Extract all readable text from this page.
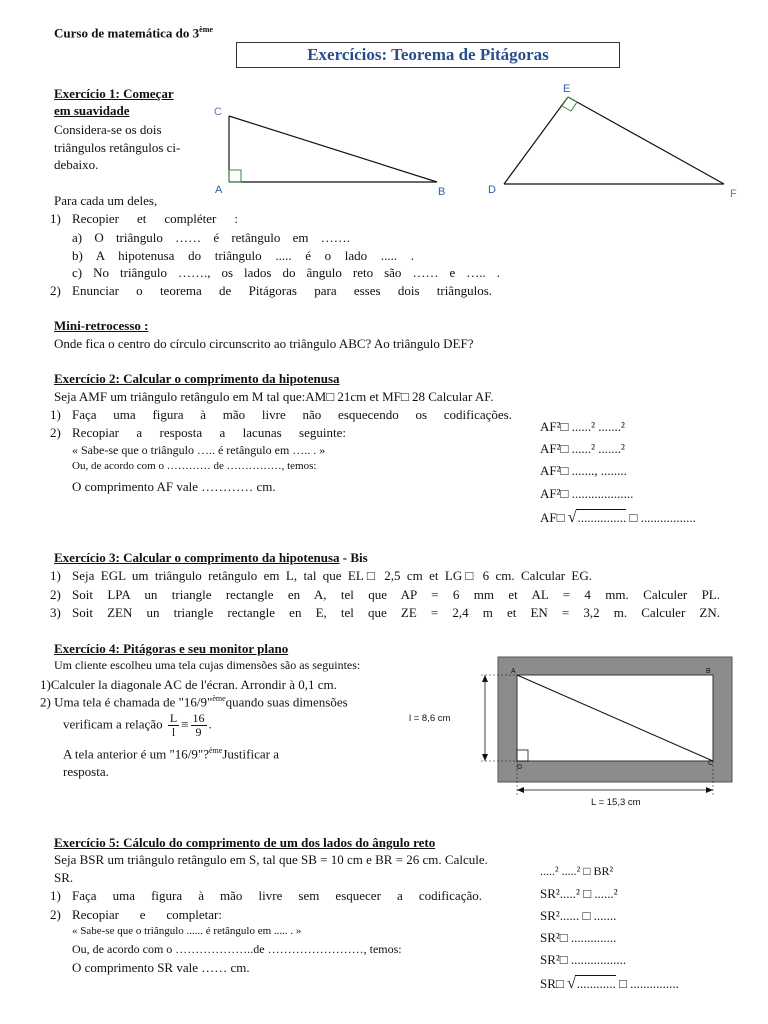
Curso de matemática do 3ème
Exercícios: Teorema de Pitágoras
Exercício 1: Começar
em suavidade
Considera-se os dois
triângulos retângulos ci-
debaixo.
C
A	B
E
D	F
Para cada um deles,
1) Recopier et compléter :
a) O triângulo …… é retângulo em …….
b) A hipotenusa do triângulo ..... é o lado ..... .
c) No triângulo ……., os lados do ângulo reto são …… e ….. .
2) Enunciar o teorema de Pitágoras para esses dois triângulos.
Mini-retrocesso :
Onde fica o centro do círculo circunscrito ao triângulo ABC? Ao triângulo DEF?
Exercício 2: Calcular o comprimento da hipotenusa
Seja AMF um triângulo retângulo em M tal que:AM□ 21cm et MF□ 28 Calcular AF.
1) Faça uma figura à mão livre não esquecendo os codificações.
2) Recopiar a resposta a lacunas seguinte:
« Sabe-se que o triângulo ….. é retângulo em ….. . »
Ou, de acordo com o ………… de ……………, temos:
O comprimento AF vale ………… cm.
AF²□ ......² .......²
AF²□ ......² .......²
AF²□ ......., ........
AF²□ ...................
AF□ √............... □ .................
Exercício 3: Calcular o comprimento da hipotenusa - Bis
1) Seja EGL um triângulo retângulo em L, tal que EL□ 2,5 cm et LG□ 6 cm. Calcular EG.
2) Soit LPA un triangle rectangle en A, tel que AP = 6 mm et AL = 4 mm. Calculer PL.
3) Soit ZEN un triangle rectangle en E, tel que ZE = 2,4 m et EN = 3,2 m. Calculer ZN.
Exercício 4: Pitágoras e seu monitor plano
Um cliente escolheu uma tela cujas dimensões são as seguintes:
1)Calculer la diagonale AC de l'écran. Arrondir à 0,1 cm.
2) Uma tela é chamada de "16/9"$^{ème}$quando suas dimensões
verificam a relação $\frac{L}{l} \equiv \frac{16}{9}$ .
A tela anterior é um "16/9"?$^{ème}$Justificar a
resposta.
A	B
C
D
l = 8,6 cm
L = 15,3 cm
Exercício 5: Cálculo do comprimento de um dos lados do ângulo reto
Seja BSR um triângulo retângulo em S, tal que SB = 10 cm e BR = 26 cm. Calcule.
SR.
1) Faça uma figura à mão livre sem esquecer a codificação.
2) Recopiar e completar:
« Sabe-se que o triângulo ...... é retângulo em ..... . »
Ou, de acordo com o ………………..de ……………………, temos:
O comprimento SR vale …… cm.
.....² .....² □ BR²
SR².....² □ ......²
SR²...... □ .......
SR²□ ..............
SR²□ .................
SR□ √............ □ ...............
